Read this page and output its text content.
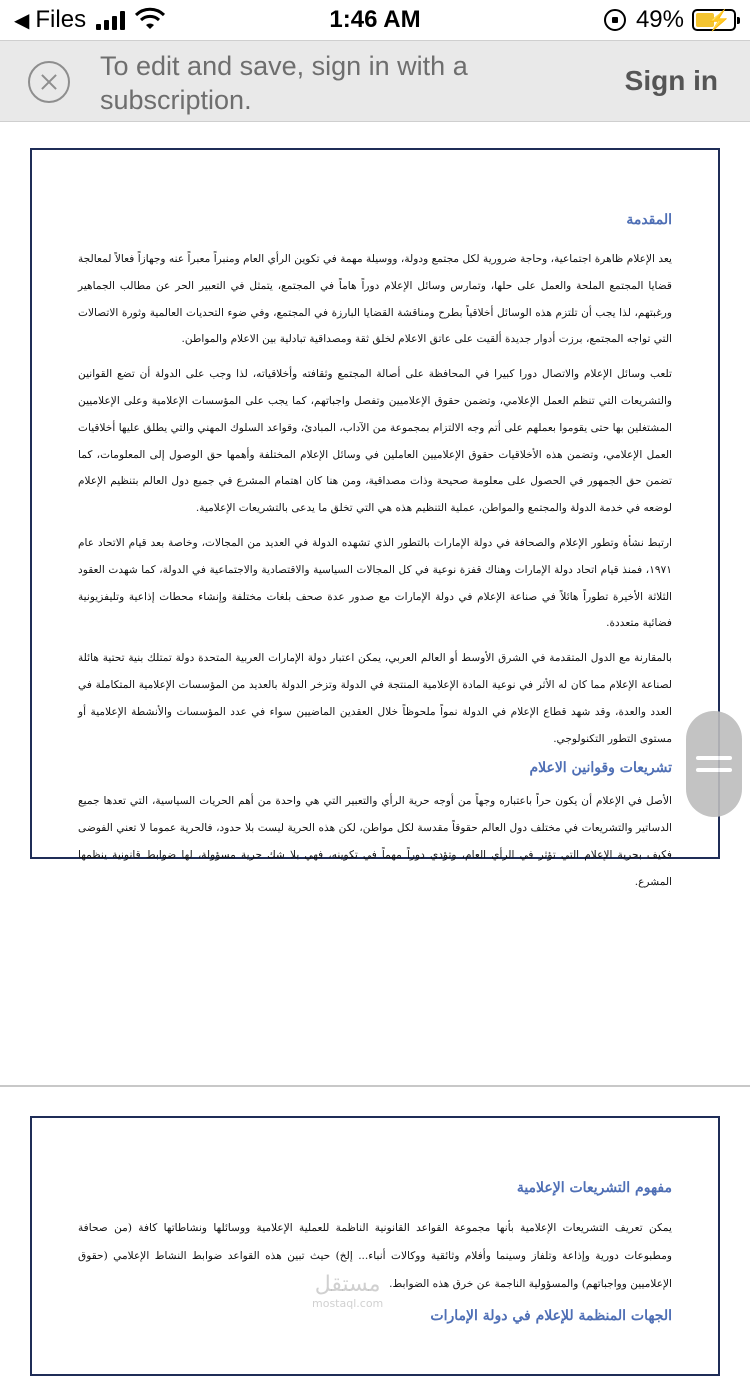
◀ Files	1:46 AM	49% ⚡
To edit and save, sign in with a subscription.
Sign in
المقدمة

يعد الإعلام ظاهرة اجتماعية، وحاجة ضرورية لكل مجتمع ودولة، ووسيلة مهمة في تكوين الرأي العام ومنبراً معبراً عنه وجهازاً فعالاً لمعالجة قضايا المجتمع الملحة والعمل على حلها، وتمارس وسائل الإعلام دوراً هاماً في المجتمع، يتمثل في التعبير الحر عن مطالب الجماهير ورغبتهم، لذا يجب أن تلتزم هذه الوسائل أخلاقياً بطرح ومناقشة القضايا البارزة في المجتمع، وفي ضوء التحديات العالمية وثورة الاتصالات التي تواجه المجتمع، برزت أدوار جديدة ألقيت على عاتق الاعلام لخلق ثقة ومصداقية تبادلية بين الاعلام والمواطن.

تلعب وسائل الإعلام والاتصال دورا كبيرا في المحافظة على أصالة المجتمع وثقافته وأخلاقياته، لذا وجب على الدولة أن تضع القوانين والتشريعات التي تنظم العمل الإعلامي، وتضمن حقوق الإعلاميين وتفصل واجباتهم، كما يجب على المؤسسات الإعلامية وعلى الإعلاميين المشتغلين بها حتى يقوموا بعملهم على أتم وجه الالتزام بمجموعة من الآداب، المبادئ، وقواعد السلوك المهني والتي يطلق عليها أخلاقيات العمل الإعلامي، وتضمن هذه الأخلاقيات حقوق الإعلاميين العاملين في وسائل الإعلام المختلفة وأهمها حق الوصول إلى المعلومات، كما تضمن حق الجمهور في الحصول على معلومة صحيحة وذات مصداقية، ومن هنا كان اهتمام المشرع في جميع دول العالم بتنظيم الإعلام لوضعه في خدمة الدولة والمجتمع والمواطن، عملية التنظيم هذه هي التي تخلق ما يدعى بالتشريعات الإعلامية.

ارتبط نشأة وتطور الإعلام والصحافة في دولة الإمارات بالتطور الذي تشهده الدولة في العديد من المجالات، وخاصة بعد قيام الاتحاد عام ١٩٧١، فمنذ قيام اتحاد دولة الإمارات وهناك قفزة نوعية في كل المجالات السياسية والاقتصادية والاجتماعية في الدولة، كما شهدت العقود الثلاثة الأخيرة تطوراً هائلاً في صناعة الإعلام في دولة الإمارات مع صدور عدة صحف بلغات مختلفة وإنشاء محطات إذاعية وتليفزيونية فضائية متعددة.

بالمقارنة مع الدول المتقدمة في الشرق الأوسط أو العالم العربي، يمكن اعتبار دولة الإمارات العربية المتحدة دولة تمتلك بنية تحتية هائلة لصناعة الإعلام مما كان له الأثر في نوعية المادة الإعلامية المنتجة في الدولة وتزخر الدولة بالعديد من المؤسسات الإعلامية المتكاملة في العدد والعدة، وقد شهد قطاع الإعلام في الدولة نمواً ملحوظاً خلال العقدين الماضيين سواء في عدد المؤسسات والأنشطة الإعلامية أو مستوى التطور التكنولوجي.

تشريعات وقوانين الاعلام

الأصل في الإعلام أن يكون حراً باعتباره وجهاً من أوجه حرية الرأي والتعبير التي هي واحدة من أهم الحريات السياسية، التي تعدها جميع الدساتير والتشريعات في مختلف دول العالم حقوقاً مقدسة لكل مواطن، لكن هذه الحرية ليست بلا حدود، فالحرية عموما لا تعني الفوضى فكيف بحرية الإعلام التي تؤثر في الرأي العام، وتؤدي دوراً مهماً في تكوينه، فهي بلا شك حرية مسؤولة، لها ضوابط قانونية ينظمها المشرع.

مفهوم التشريعات الإعلامية

يمكن تعريف التشريعات الإعلامية بأنها مجموعة القواعد القانونية الناظمة للعملية الإعلامية ووسائلها ونشاطاتها كافة (من صحافة ومطبوعات دورية وإذاعة وتلفاز وسينما وأفلام وثائقية ووكالات أنباء... إلخ) حيث تبين هذه القواعد ضوابط النشاط الإعلامي (حقوق الإعلاميين وواجباتهم) والمسؤولية الناجمة عن خرق هذه الضوابط.

الجهات المنظمة للإعلام في دولة الإمارات
مستقل
mostaql.com
